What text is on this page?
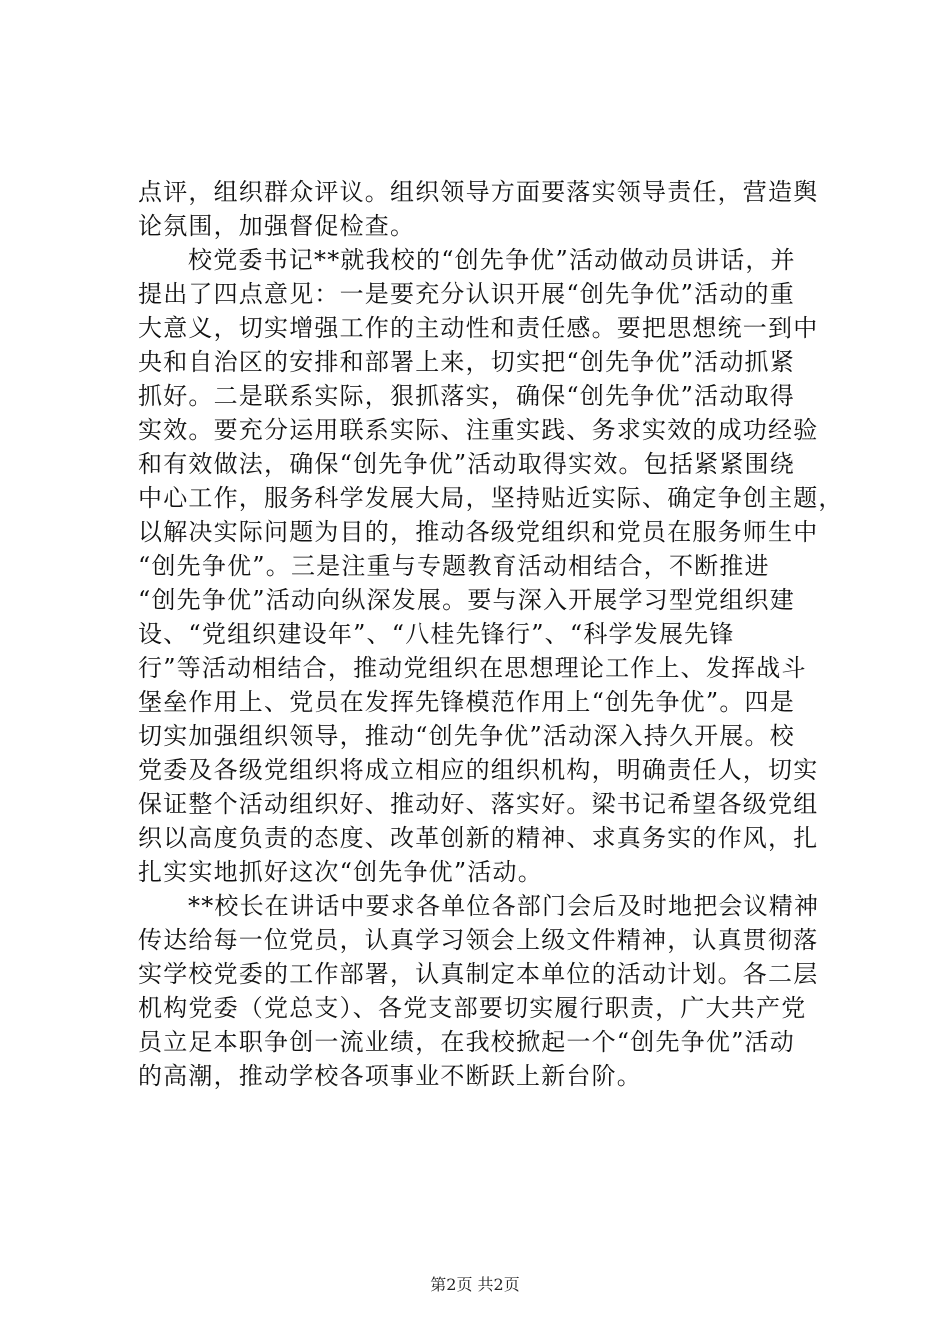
点评，组织群众评议。组织领导方面要落实领导责任，营造舆
论氛围，加强督促检查。
校党委书记**就我校的“创先争优”活动做动员讲话，并
提出了四点意见：一是要充分认识开展“创先争优”活动的重
大意义，切实增强工作的主动性和责任感。要把思想统一到中
央和自治区的安排和部署上来，切实把“创先争优”活动抓紧
抓好。二是联系实际，狠抓落实，确保“创先争优”活动取得
实效。要充分运用联系实际、注重实践、务求实效的成功经验
和有效做法，确保“创先争优”活动取得实效。包括紧紧围绕
中心工作，服务科学发展大局，坚持贴近实际、确定争创主题，
以解决实际问题为目的，推动各级党组织和党员在服务师生中
“创先争优”。三是注重与专题教育活动相结合，不断推进
“创先争优”活动向纵深发展。要与深入开展学习型党组织建
设、“党组织建设年”、“八桂先锋行”、“科学发展先锋
行”等活动相结合，推动党组织在思想理论工作上、发挥战斗
堡垒作用上、党员在发挥先锋模范作用上“创先争优”。四是
切实加强组织领导，推动“创先争优”活动深入持久开展。校
党委及各级党组织将成立相应的组织机构，明确责任人，切实
保证整个活动组织好、推动好、落实好。梁书记希望各级党组
织以高度负责的态度、改革创新的精神、求真务实的作风，扎
扎实实地抓好这次“创先争优”活动。
**校长在讲话中要求各单位各部门会后及时地把会议精神
传达给每一位党员，认真学习领会上级文件精神，认真贯彻落
实学校党委的工作部署，认真制定本单位的活动计划。各二层
机构党委（党总支）、各党支部要切实履行职责，广大共产党
员立足本职争创一流业绩，在我校掀起一个“创先争优”活动
的高潮，推动学校各项事业不断跃上新台阶。
第2页 共2页
